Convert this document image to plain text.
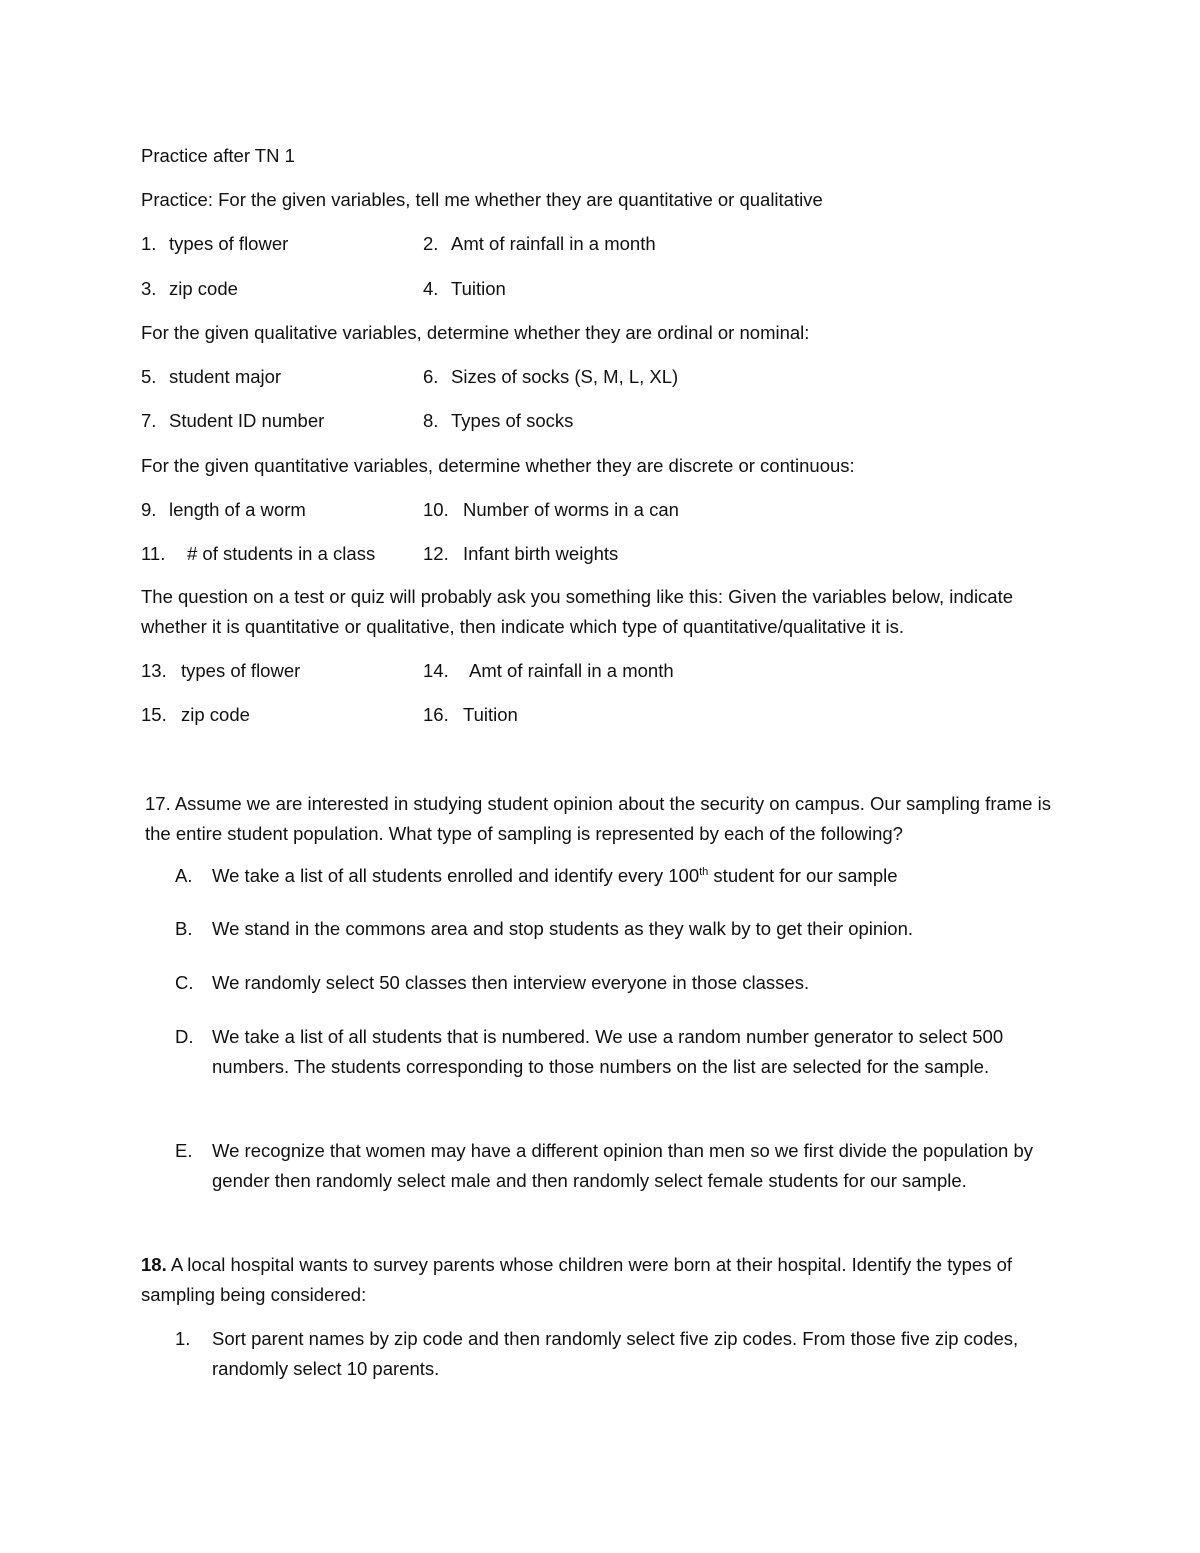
Practice after TN 1
Practice: For the given variables, tell me whether they are quantitative or qualitative
1. types of flower	2. Amt of rainfall in a month
3. zip code	4. Tuition
For the given qualitative variables, determine whether they are ordinal or nominal:
5. student major	6. Sizes of socks (S, M, L, XL)
7. Student ID number	8. Types of socks
For the given quantitative variables, determine whether they are discrete or continuous:
9. length of a worm	10. Number of worms in a can
11. # of students in a class	12. Infant birth weights
The question on a test or quiz will probably ask you something like this: Given the variables below, indicate whether it is quantitative or qualitative, then indicate which type of quantitative/qualitative it is.
13. types of flower	14. Amt of rainfall in a month
15. zip code	16. Tuition
17. Assume we are interested in studying student opinion about the security on campus. Our sampling frame is the entire student population. What type of sampling is represented by each of the following?
A. We take a list of all students enrolled and identify every 100th student for our sample
B. We stand in the commons area and stop students as they walk by to get their opinion.
C. We randomly select 50 classes then interview everyone in those classes.
D. We take a list of all students that is numbered. We use a random number generator to select 500 numbers. The students corresponding to those numbers on the list are selected for the sample.
E. We recognize that women may have a different opinion than men so we first divide the population by gender then randomly select male and then randomly select female students for our sample.
18. A local hospital wants to survey parents whose children were born at their hospital. Identify the types of sampling being considered:
1. Sort parent names by zip code and then randomly select five zip codes. From those five zip codes, randomly select 10 parents.
